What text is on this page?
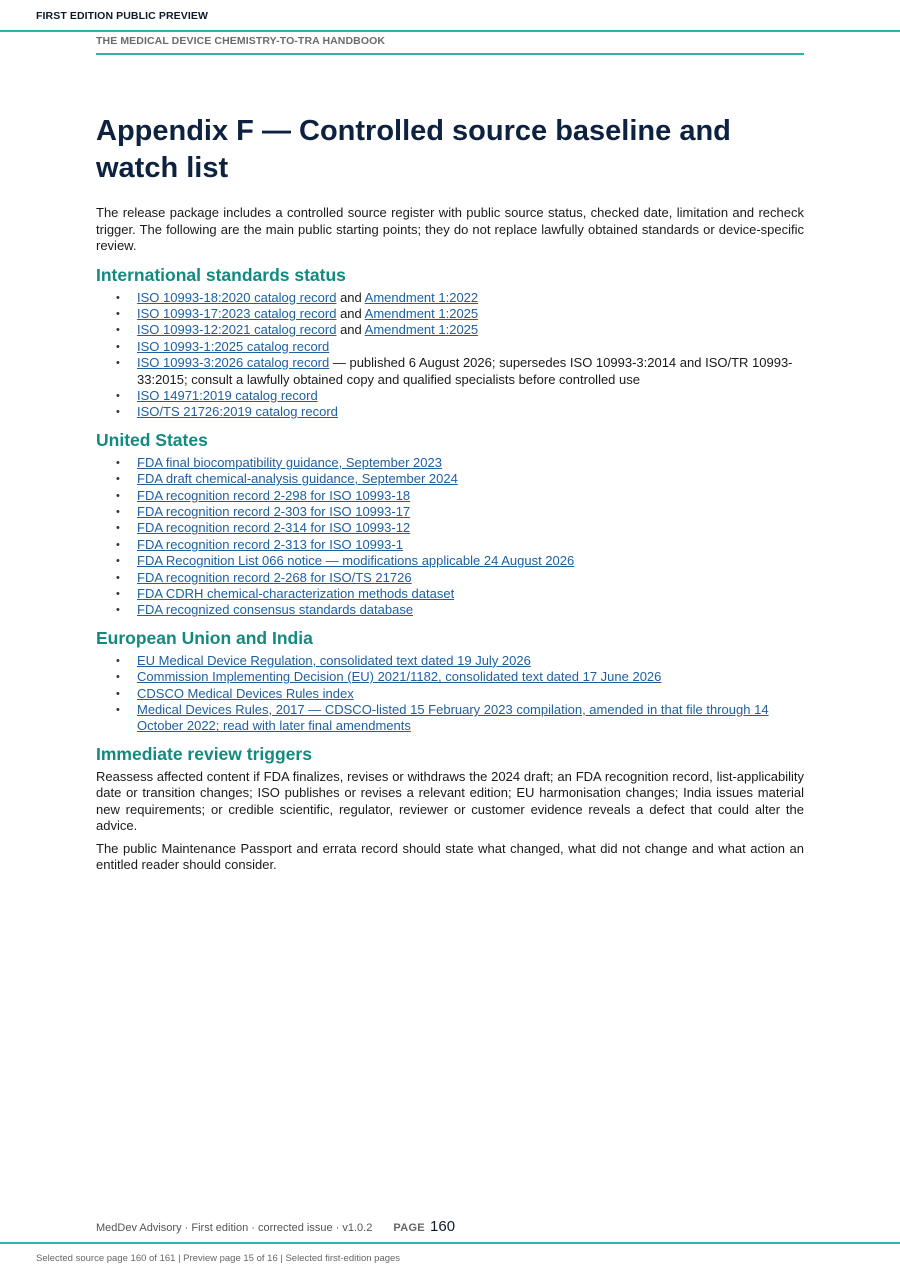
FIRST EDITION PUBLIC PREVIEW
THE MEDICAL DEVICE CHEMISTRY-TO-TRA HANDBOOK
Appendix F — Controlled source baseline and watch list

The release package includes a controlled source register with public source status, checked date, limitation and recheck trigger. The following are the main public starting points; they do not replace lawfully obtained standards or device-specific review.

International standards status
• ISO 10993-18:2020 catalog record and Amendment 1:2022
• ISO 10993-17:2023 catalog record and Amendment 1:2025
• ISO 10993-12:2021 catalog record and Amendment 1:2025
• ISO 10993-1:2025 catalog record
• ISO 10993-3:2026 catalog record — published 6 August 2026; supersedes ISO 10993-3:2014 and ISO/TR 10993-33:2015; consult a lawfully obtained copy and qualified specialists before controlled use
• ISO 14971:2019 catalog record
• ISO/TS 21726:2019 catalog record
United States
• FDA final biocompatibility guidance, September 2023
• FDA draft chemical-analysis guidance, September 2024
• FDA recognition record 2-298 for ISO 10993-18
• FDA recognition record 2-303 for ISO 10993-17
• FDA recognition record 2-314 for ISO 10993-12
• FDA recognition record 2-313 for ISO 10993-1
• FDA Recognition List 066 notice — modifications applicable 24 August 2026
• FDA recognition record 2-268 for ISO/TS 21726
• FDA CDRH chemical-characterization methods dataset
• FDA recognized consensus standards database
European Union and India
• EU Medical Device Regulation, consolidated text dated 19 July 2026
• Commission Implementing Decision (EU) 2021/1182, consolidated text dated 17 June 2026
• CDSCO Medical Devices Rules index
• Medical Devices Rules, 2017 — CDSCO-listed 15 February 2023 compilation, amended in that file through 14 October 2022; read with later final amendments
Immediate review triggers

Reassess affected content if FDA finalizes, revises or withdraws the 2024 draft; an FDA recognition record, list-applicability date or transition changes; ISO publishes or revises a relevant edition; EU harmonisation changes; India issues material new requirements; or credible scientific, regulator, reviewer or customer evidence reveals a defect that could alter the advice.

The public Maintenance Passport and errata record should state what changed, what did not change and what action an entitled reader should consider.

MedDev Advisory · First edition · corrected issue · v1.0.2 PAGE 160
Selected source page 160 of 161 | Preview page 15 of 16 | Selected first-edition pages
